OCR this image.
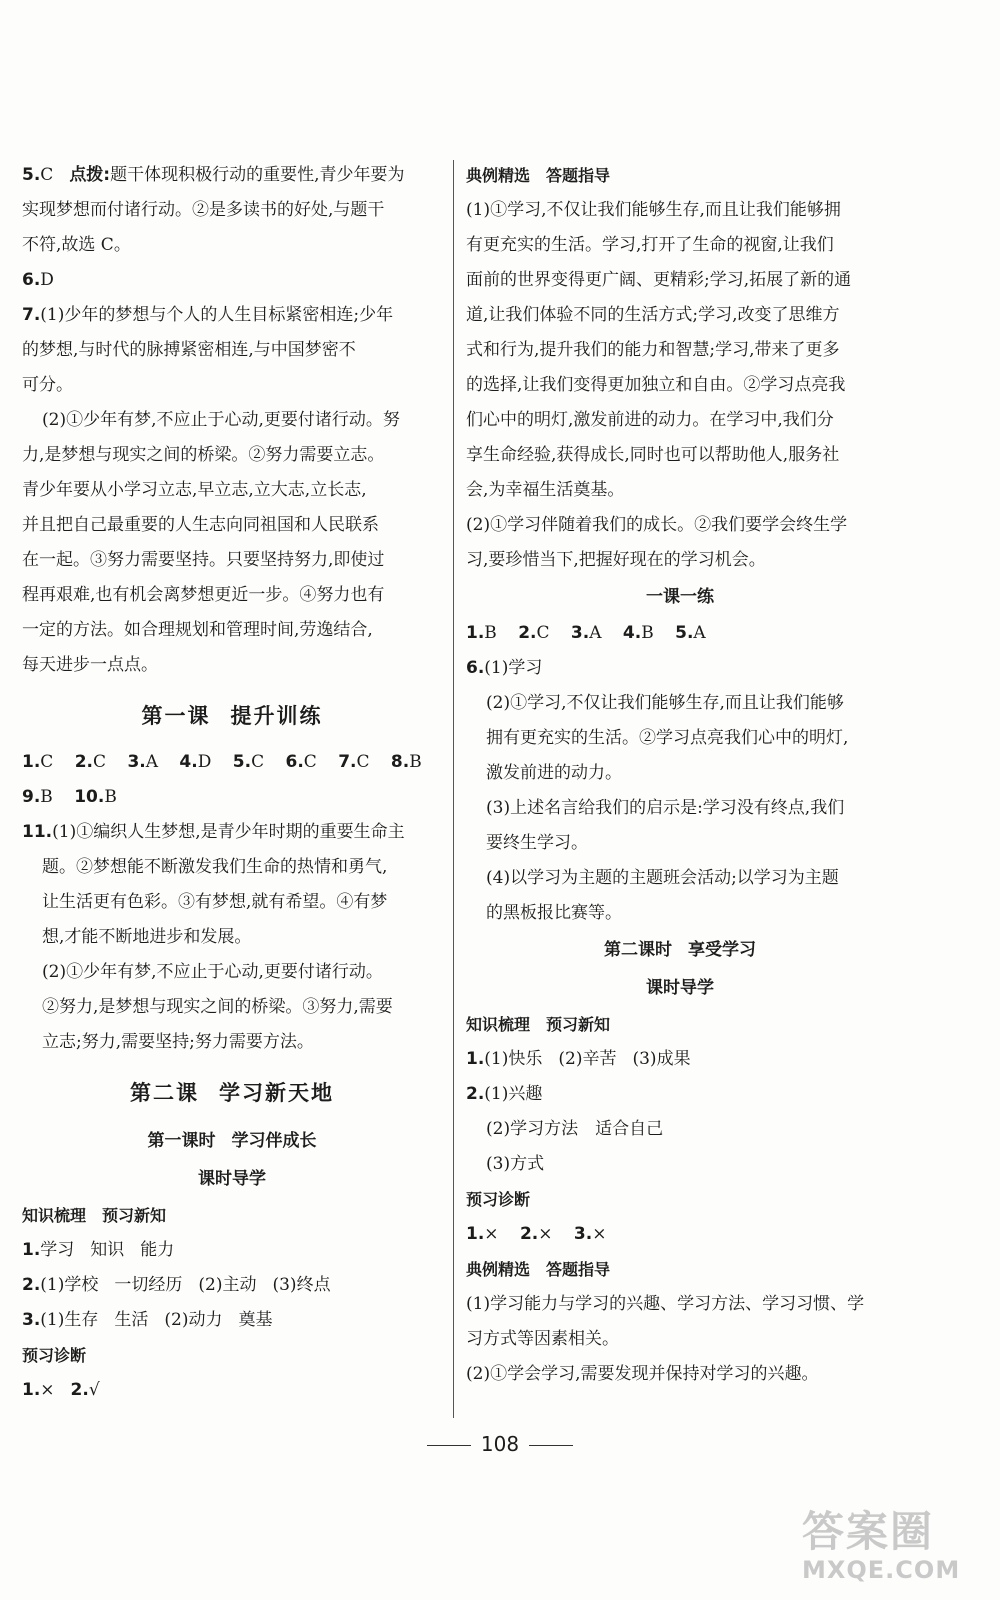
5.C 点拨:题干体现积极行动的重要性,青少年要为
实现梦想而付诸行动。②是多读书的好处,与题干
不符,故选 C。
6.D
7.(1)少年的梦想与个人的人生目标紧密相连;少年
的梦想,与时代的脉搏紧密相连,与中国梦密不
可分。
(2)①少年有梦,不应止于心动,更要付诸行动。努
力,是梦想与现实之间的桥梁。②努力需要立志。
青少年要从小学习立志,早立志,立大志,立长志,
并且把自己最重要的人生志向同祖国和人民联系
在一起。③努力需要坚持。只要坚持努力,即使过
程再艰难,也有机会离梦想更近一步。④努力也有
一定的方法。如合理规划和管理时间,劳逸结合,
每天进步一点点。
第一课 提升训练
1.C 2.C 3.A 4.D 5.C 6.C 7.C 8.B
9.B 10.B
11.(1)①编织人生梦想,是青少年时期的重要生命主
题。②梦想能不断激发我们生命的热情和勇气,
让生活更有色彩。③有梦想,就有希望。④有梦
想,才能不断地进步和发展。
(2)①少年有梦,不应止于心动,更要付诸行动。
②努力,是梦想与现实之间的桥梁。③努力,需要
立志;努力,需要坚持;努力需要方法。
第二课 学习新天地
第一课时 学习伴成长
课时导学
知识梳理 预习新知
1.学习 知识 能力
2.(1)学校 一切经历 (2)主动 (3)终点
3.(1)生存 生活 (2)动力 奠基
预习诊断
1.× 2.√
典例精选 答题指导
(1)①学习,不仅让我们能够生存,而且让我们能够拥
有更充实的生活。学习,打开了生命的视窗,让我们
面前的世界变得更广阔、更精彩;学习,拓展了新的通
道,让我们体验不同的生活方式;学习,改变了思维方
式和行为,提升我们的能力和智慧;学习,带来了更多
的选择,让我们变得更加独立和自由。②学习点亮我
们心中的明灯,激发前进的动力。在学习中,我们分
享生命经验,获得成长,同时也可以帮助他人,服务社
会,为幸福生活奠基。
(2)①学习伴随着我们的成长。②我们要学会终生学
习,要珍惜当下,把握好现在的学习机会。
一课一练
1.B 2.C 3.A 4.B 5.A
6.(1)学习
(2)①学习,不仅让我们能够生存,而且让我们能够
拥有更充实的生活。②学习点亮我们心中的明灯,
激发前进的动力。
(3)上述名言给我们的启示是:学习没有终点,我们
要终生学习。
(4)以学习为主题的主题班会活动;以学习为主题
的黑板报比赛等。
第二课时 享受学习
课时导学
知识梳理 预习新知
1.(1)快乐 (2)辛苦 (3)成果
2.(1)兴趣
(2)学习方法　适合自己
(3)方式
预习诊断
1.× 2.× 3.×
典例精选 答题指导
(1)学习能力与学习的兴趣、学习方法、学习习惯、学
习方式等因素相关。
(2)①学会学习,需要发现并保持对学习的兴趣。
108
答案圈
MXQE.COM
